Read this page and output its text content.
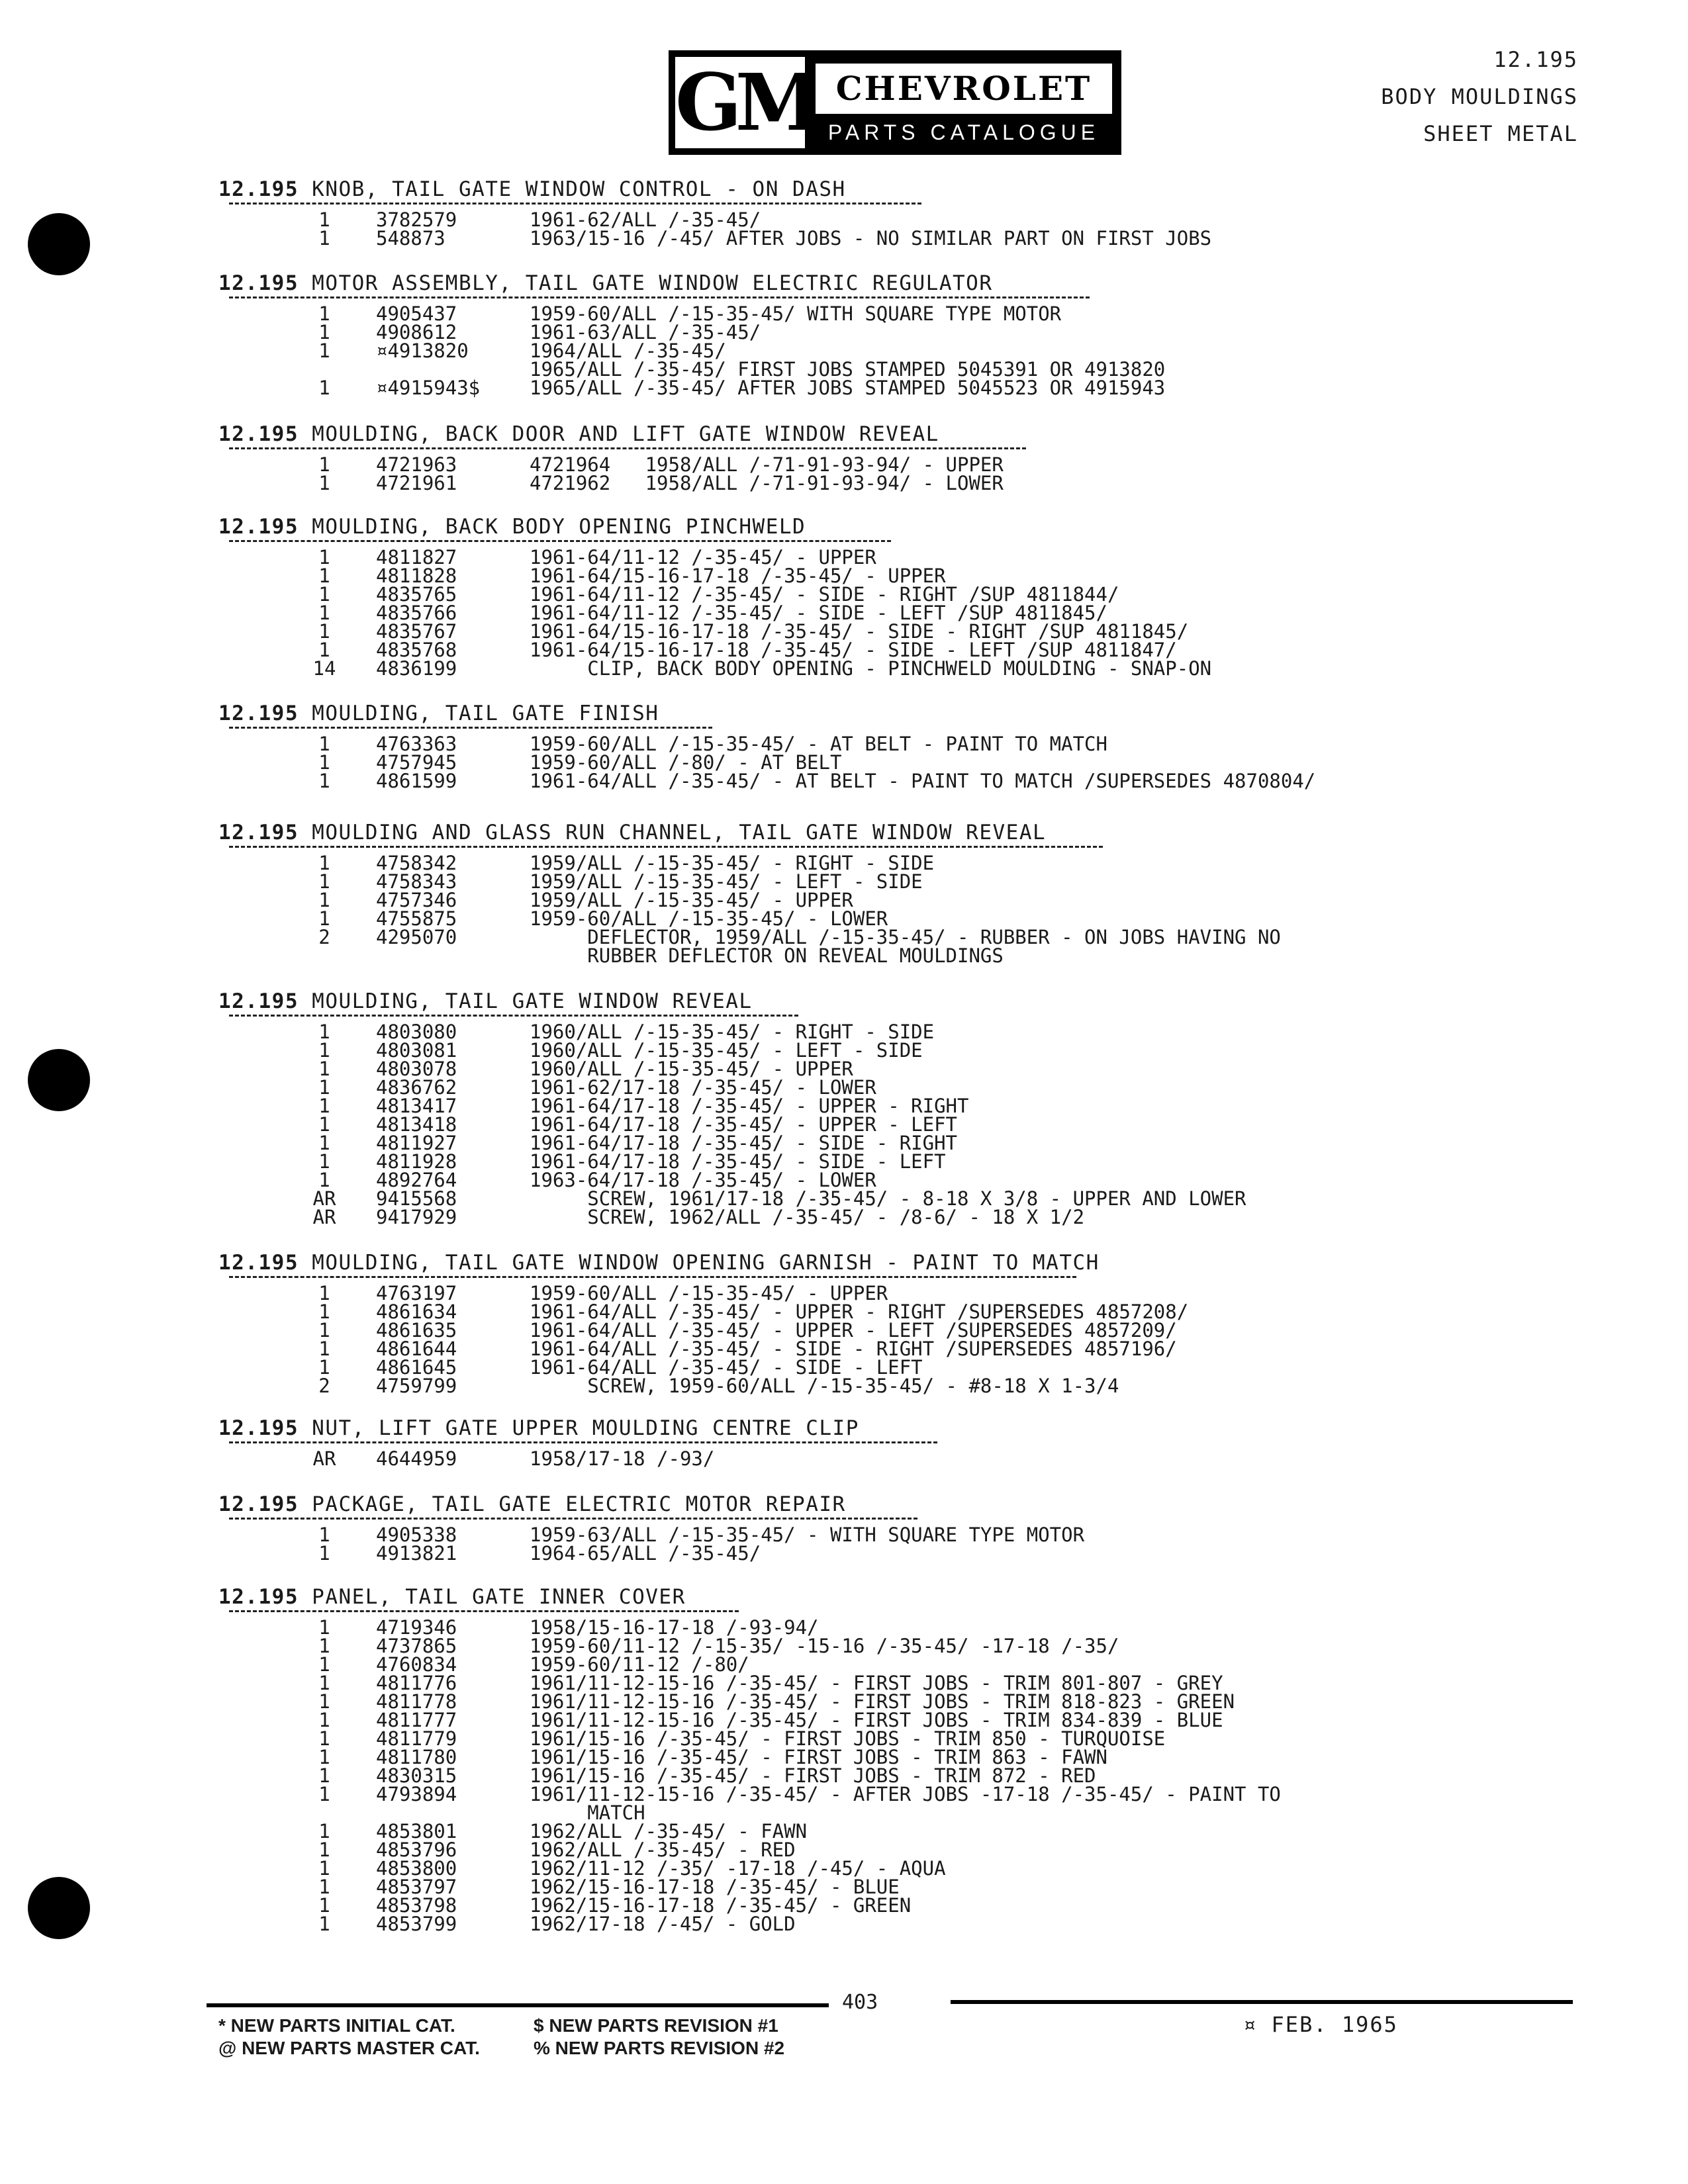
GM CHEVROLET
PARTS CATALOGUE
12.195
BODY MOULDINGS
SHEET METAL
12.195 KNOB, TAIL GATE WINDOW CONTROL - ON DASH
1	3782579	1961-62/ALL /-35-45/
1	548873	1963/15-16 /-45/ AFTER JOBS - NO SIMILAR PART ON FIRST JOBS
12.195 MOTOR ASSEMBLY, TAIL GATE WINDOW ELECTRIC REGULATOR
1	4905437	1959-60/ALL /-15-35-45/ WITH SQUARE TYPE MOTOR
1	4908612	1961-63/ALL /-35-45/
1	¤4913820	1964/ALL /-35-45/
1965/ALL /-35-45/ FIRST JOBS STAMPED 5045391 OR 4913820
1	¤4915943$	1965/ALL /-35-45/ AFTER JOBS STAMPED 5045523 OR 4915943
12.195 MOULDING, BACK DOOR AND LIFT GATE WINDOW REVEAL
1	4721963	4721964   1958/ALL /-71-91-93-94/ - UPPER
1	4721961	4721962   1958/ALL /-71-91-93-94/ - LOWER
12.195 MOULDING, BACK BODY OPENING PINCHWELD
1	4811827	1961-64/11-12 /-35-45/ - UPPER
1	4811828	1961-64/15-16-17-18 /-35-45/ - UPPER
1	4835765	1961-64/11-12 /-35-45/ - SIDE - RIGHT /SUP 4811844/
1	4835766	1961-64/11-12 /-35-45/ - SIDE - LEFT /SUP 4811845/
1	4835767	1961-64/15-16-17-18 /-35-45/ - SIDE - RIGHT /SUP 4811845/
1	4835768	1961-64/15-16-17-18 /-35-45/ - SIDE - LEFT /SUP 4811847/
14	4836199	CLIP, BACK BODY OPENING - PINCHWELD MOULDING - SNAP-ON
12.195 MOULDING, TAIL GATE FINISH
1	4763363	1959-60/ALL /-15-35-45/ - AT BELT - PAINT TO MATCH
1	4757945	1959-60/ALL /-80/ - AT BELT
1	4861599	1961-64/ALL /-35-45/ - AT BELT - PAINT TO MATCH /SUPERSEDES 4870804/
12.195 MOULDING AND GLASS RUN CHANNEL, TAIL GATE WINDOW REVEAL
1	4758342	1959/ALL /-15-35-45/ - RIGHT - SIDE
1	4758343	1959/ALL /-15-35-45/ - LEFT - SIDE
1	4757346	1959/ALL /-15-35-45/ - UPPER
1	4755875	1959-60/ALL /-15-35-45/ - LOWER
2	4295070	DEFLECTOR, 1959/ALL /-15-35-45/ - RUBBER - ON JOBS HAVING NO
RUBBER DEFLECTOR ON REVEAL MOULDINGS
12.195 MOULDING, TAIL GATE WINDOW REVEAL
1	4803080	1960/ALL /-15-35-45/ - RIGHT - SIDE
1	4803081	1960/ALL /-15-35-45/ - LEFT - SIDE
1	4803078	1960/ALL /-15-35-45/ - UPPER
1	4836762	1961-62/17-18 /-35-45/ - LOWER
1	4813417	1961-64/17-18 /-35-45/ - UPPER - RIGHT
1	4813418	1961-64/17-18 /-35-45/ - UPPER - LEFT
1	4811927	1961-64/17-18 /-35-45/ - SIDE - RIGHT
1	4811928	1961-64/17-18 /-35-45/ - SIDE - LEFT
1	4892764	1963-64/17-18 /-35-45/ - LOWER
AR	9415568	SCREW, 1961/17-18 /-35-45/ - 8-18 X 3/8 - UPPER AND LOWER
AR	9417929	SCREW, 1962/ALL /-35-45/ - /8-6/ - 18 X 1/2
12.195 MOULDING, TAIL GATE WINDOW OPENING GARNISH - PAINT TO MATCH
1	4763197	1959-60/ALL /-15-35-45/ - UPPER
1	4861634	1961-64/ALL /-35-45/ - UPPER - RIGHT /SUPERSEDES 4857208/
1	4861635	1961-64/ALL /-35-45/ - UPPER - LEFT /SUPERSEDES 4857209/
1	4861644	1961-64/ALL /-35-45/ - SIDE - RIGHT /SUPERSEDES 4857196/
1	4861645	1961-64/ALL /-35-45/ - SIDE - LEFT
2	4759799	SCREW, 1959-60/ALL /-15-35-45/ - #8-18 X 1-3/4
12.195 NUT, LIFT GATE UPPER MOULDING CENTRE CLIP
AR	4644959	1958/17-18 /-93/
12.195 PACKAGE, TAIL GATE ELECTRIC MOTOR REPAIR
1	4905338	1959-63/ALL /-15-35-45/ - WITH SQUARE TYPE MOTOR
1	4913821	1964-65/ALL /-35-45/
12.195 PANEL, TAIL GATE INNER COVER
1	4719346	1958/15-16-17-18 /-93-94/
1	4737865	1959-60/11-12 /-15-35/ -15-16 /-35-45/ -17-18 /-35/
1	4760834	1959-60/11-12 /-80/
1	4811776	1961/11-12-15-16 /-35-45/ - FIRST JOBS - TRIM 801-807 - GREY
1	4811778	1961/11-12-15-16 /-35-45/ - FIRST JOBS - TRIM 818-823 - GREEN
1	4811777	1961/11-12-15-16 /-35-45/ - FIRST JOBS - TRIM 834-839 - BLUE
1	4811779	1961/15-16 /-35-45/ - FIRST JOBS - TRIM 850 - TURQUOISE
1	4811780	1961/15-16 /-35-45/ - FIRST JOBS - TRIM 863 - FAWN
1	4830315	1961/15-16 /-35-45/ - FIRST JOBS - TRIM 872 - RED
1	4793894	1961/11-12-15-16 /-35-45/ - AFTER JOBS -17-18 /-35-45/ - PAINT TO
MATCH
1	4853801	1962/ALL /-35-45/ - FAWN
1	4853796	1962/ALL /-35-45/ - RED
1	4853800	1962/11-12 /-35/ -17-18 /-45/ - AQUA
1	4853797	1962/15-16-17-18 /-35-45/ - BLUE
1	4853798	1962/15-16-17-18 /-35-45/ - GREEN
1	4853799	1962/17-18 /-45/ - GOLD
403
* NEW PARTS INITIAL CAT.
@ NEW PARTS MASTER CAT.
$ NEW PARTS REVISION #1
% NEW PARTS REVISION #2
¤ FEB. 1965
